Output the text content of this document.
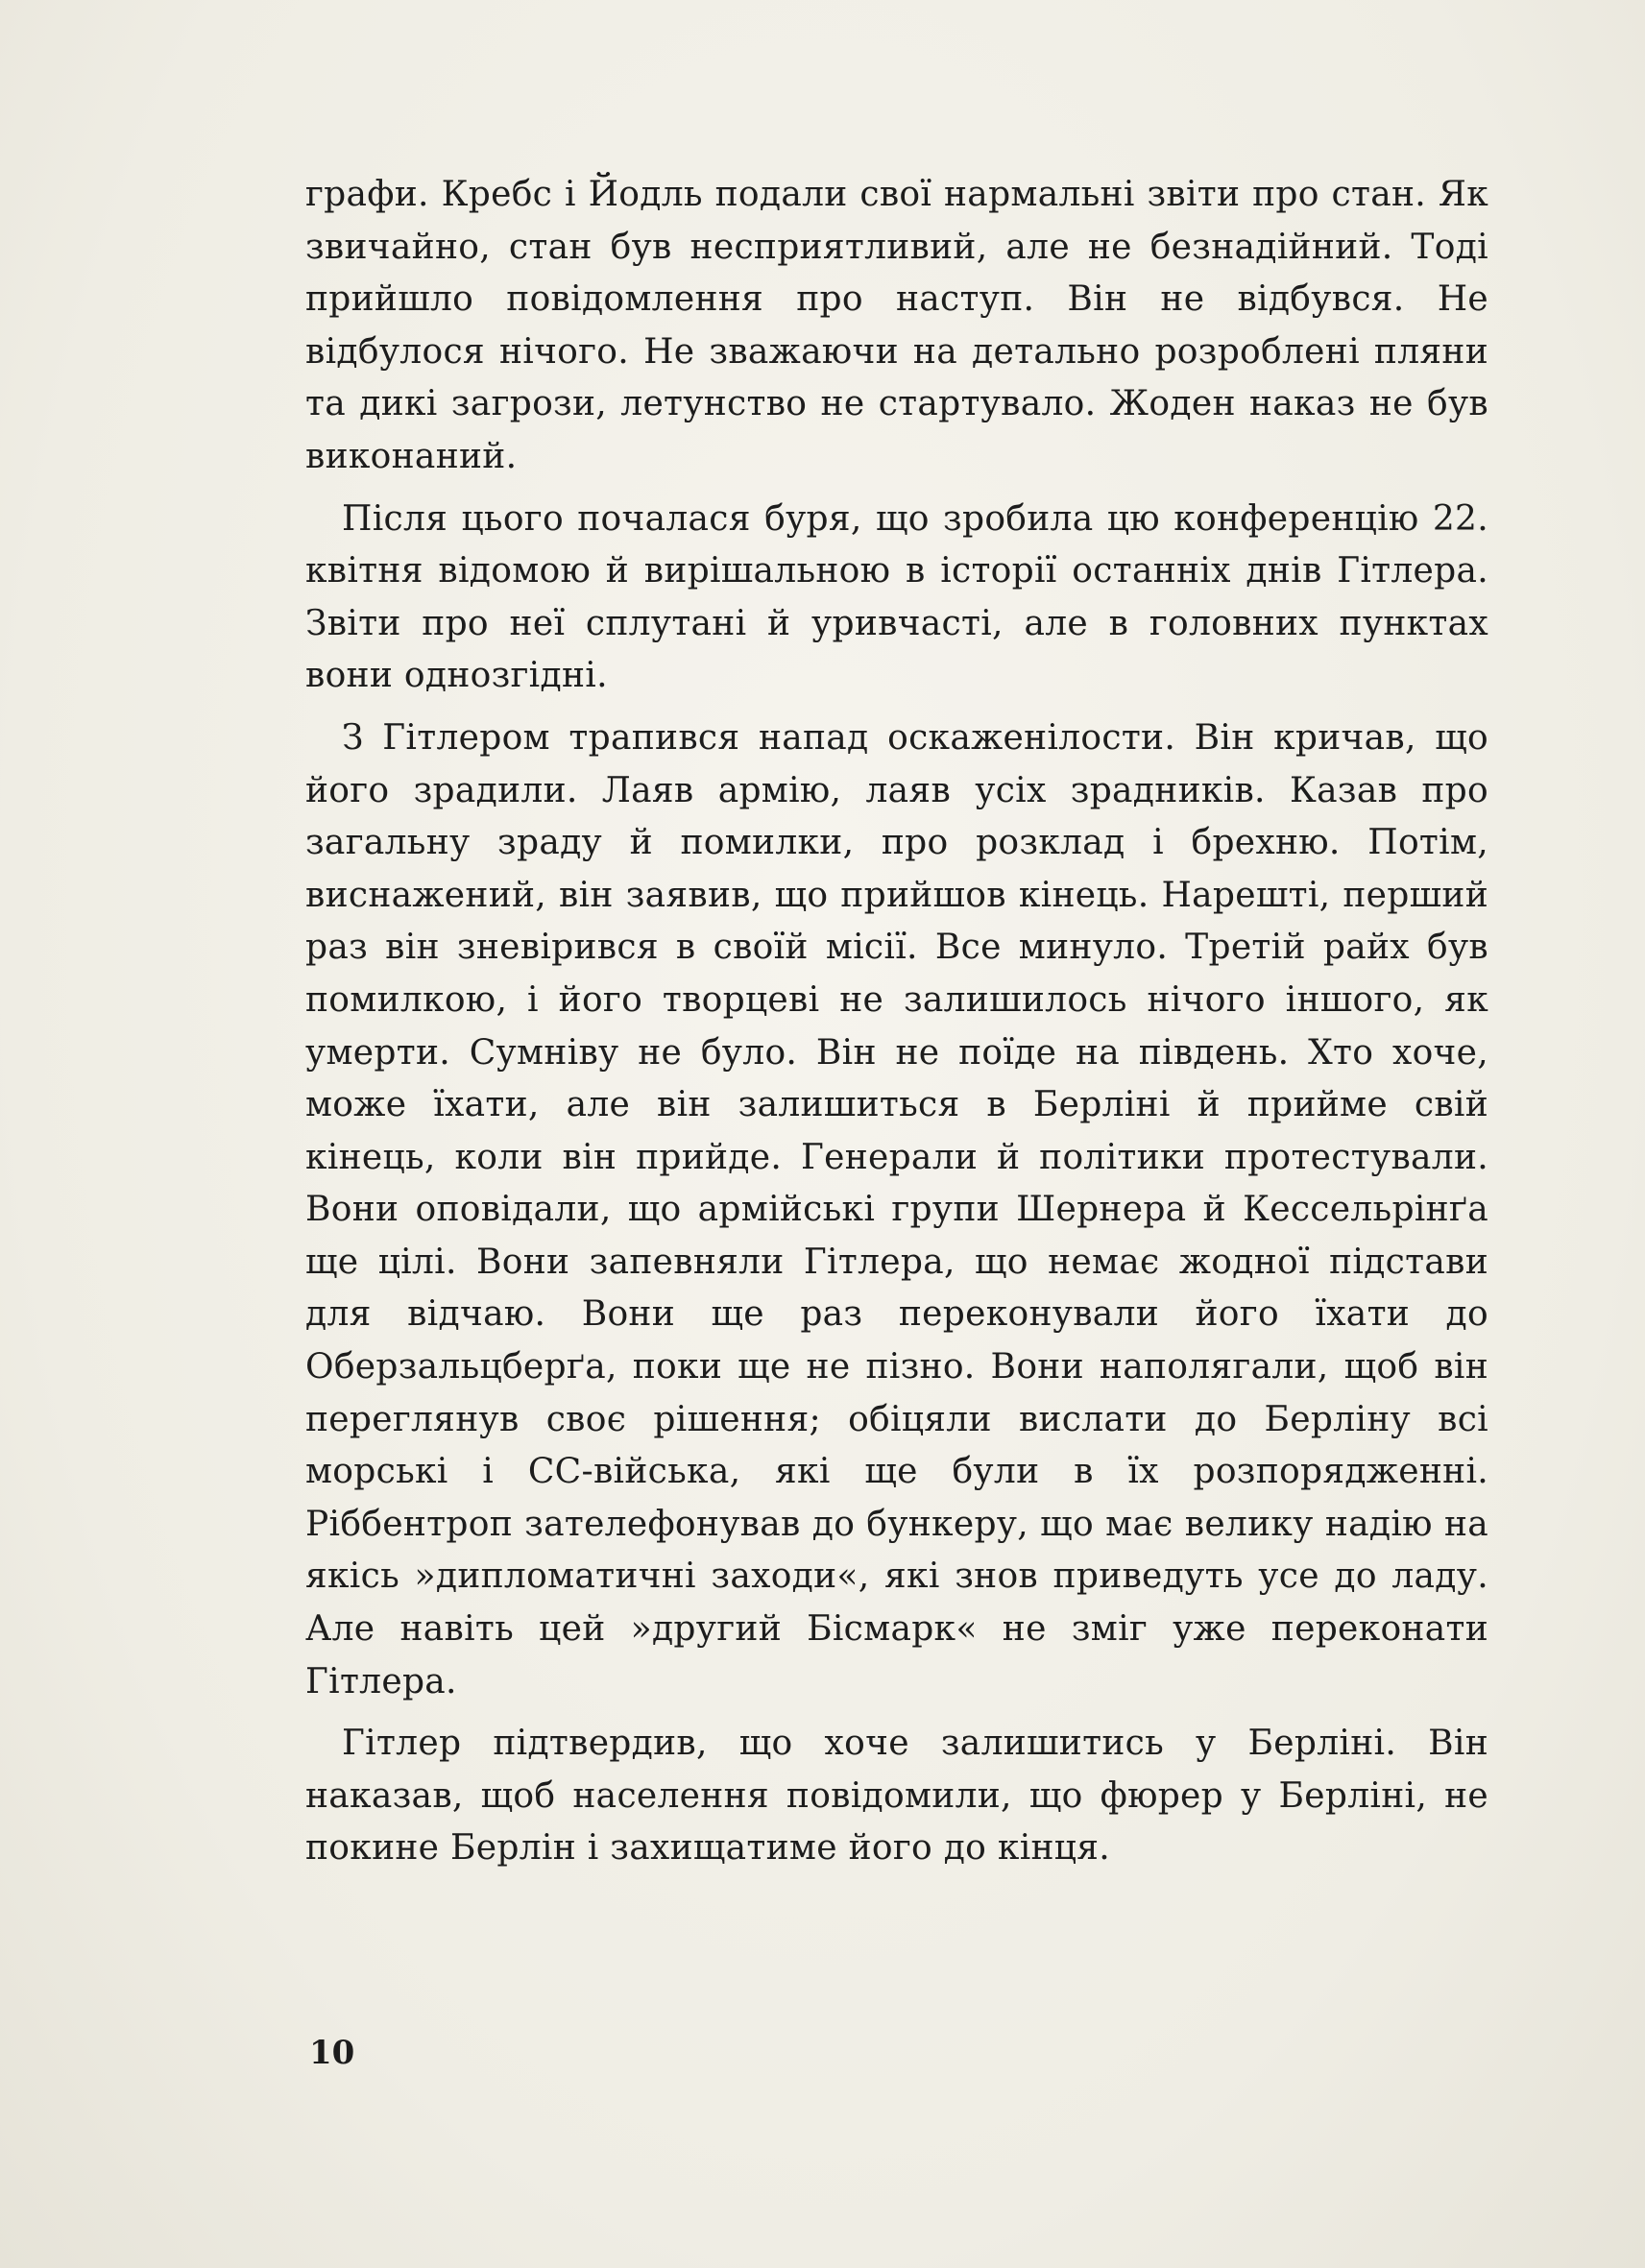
графи. Кребс і Йодль подали свої нармальні звіти про стан. Як звичайно, стан був несприятливий, але не безнадійний. Тоді прийшло повідомлення про наступ. Він не відбувся. Не відбулося нічого. Не зважаючи на детально розроблені пляни та дикі загрози, летунство не стартувало. Жоден наказ не був виконаний.

Після цього почалася буря, що зробила цю конференцію 22. квітня відомою й вирішальною в історії останніх днів Гітлера. Звіти про неї сплутані й уривчасті, але в головних пунктах вони однозгідні.

З Гітлером трапився напад оскаженілости. Він кричав, що його зрадили. Лаяв армію, лаяв усіх зрадників. Казав про загальну зраду й помилки, про розклад і брехню. Потім, виснажений, він заявив, що прийшов кінець. Нарешті, перший раз він зневірився в своїй місії. Все минуло. Третій райх був помилкою, і його творцеві не залишилось нічого іншого, як умерти. Сумніву не було. Він не поїде на південь. Хто хоче, може їхати, але він залишиться в Берліні й прийме свій кінець, коли він прийде. Генерали й політики протестували. Вони оповідали, що армійські групи Шернера й Кессельрінґа ще цілі. Вони запевняли Гітлера, що немає жодної підстави для відчаю. Вони ще раз переконували його їхати до Оберзальцберґа, поки ще не пізно. Вони наполягали, щоб він переглянув своє рішення; обіцяли вислати до Берліну всі морські і СС-війська, які ще були в їх розпорядженні. Ріббентроп зателефонував до бункеру, що має велику надію на якісь »дипломатичні заходи«, які знов приведуть усе до ладу. Але навіть цей »другий Бісмарк« не зміг уже переконати Гітлера.

Гітлер підтвердив, що хоче залишитись у Берліні. Він наказав, щоб населення повідомили, що фюрер у Берліні, не покине Берлін і захищатиме його до кінця.

10
